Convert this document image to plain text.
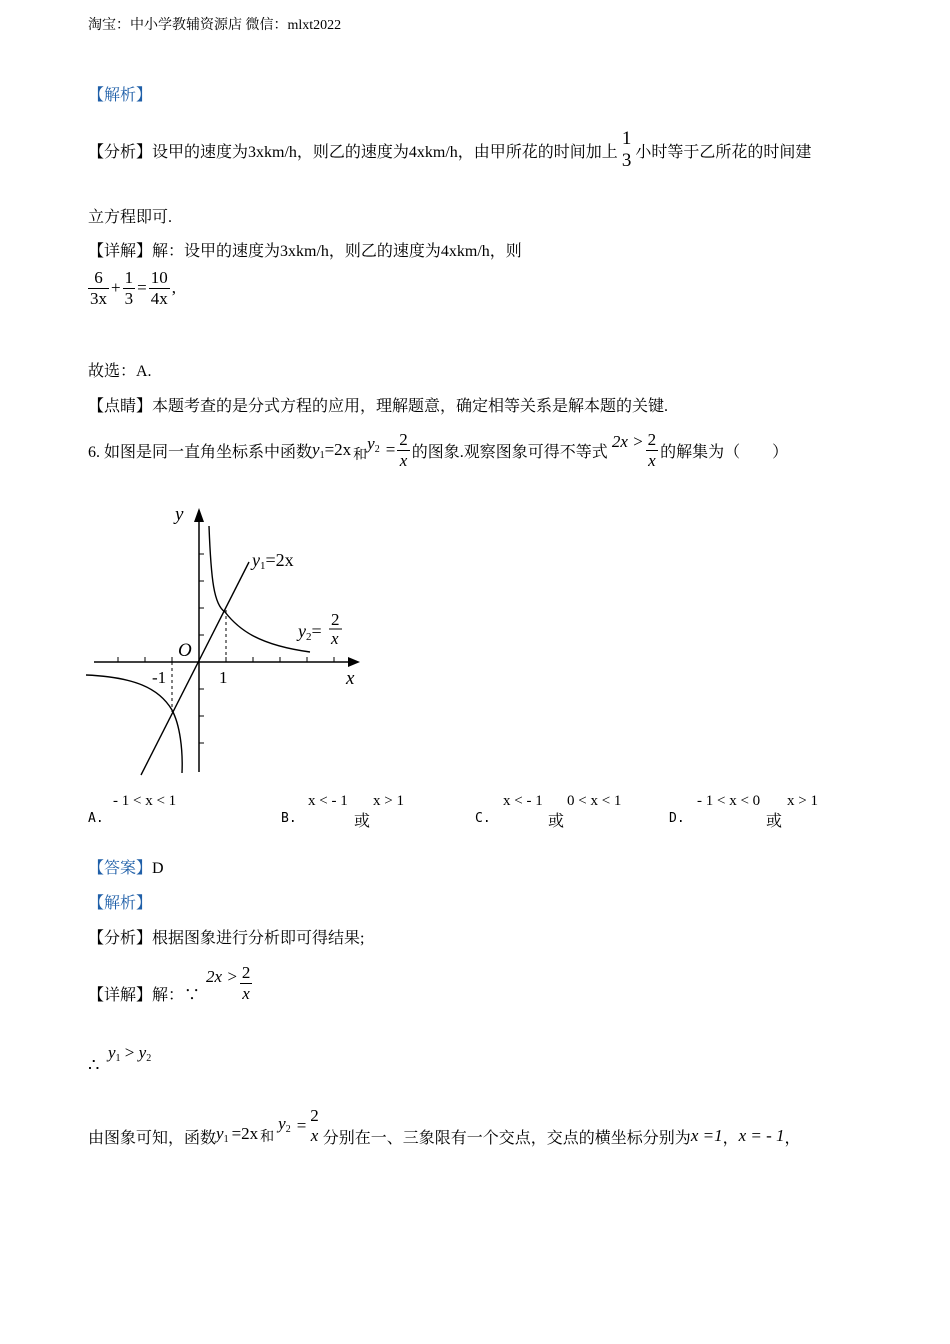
淘宝：中小学教辅资源店 微信：mlxt2022
【解析】
【分析】 设甲的速度为3xkm/h，则乙的速度为4xkm/h，由甲所花的时间加上
1
3 小时等于乙所花的时间建
立方程即可.
【详解】解：设甲的速度为3xkm/h，则乙的速度为4xkm/h，则
$\frac{6}{3x} + \frac{1}{3} = \frac{10}{4x}$ ,
故选：A.
【点睛】本题考查的是分式方程的应用，理解题意，确定相等关系是解本题的关键.
6. 如图是同一直角坐标系中函数 $y_1 =2x$ 和
$y_2 = \frac{2}{x}$ 的图象.观察图象可得不等式
$2x > \frac{2}{x}$ 的解集为（　　）
y
x
O
-1	1
y1=2x
y2=
2
x
A.
- 1 < x < 1
B.
x < - 1
或
x > 1
C.
x < - 1
或
0 < x < 1
D.
- 1 < x < 0
或
x > 1
【答案】D
【解析】
【分析】根据图象进行分析即可得结果;
【详解】 解：∵
$2x > \frac{2}{x}$
∴
$y_1 > y_2$
由图象可知，函数 $y_1 =2x$ 和
$y_2$ =
2
x 分别在一、三象限有一个交点，交点的横坐标分别为 x =1 ， x = - 1 ，
